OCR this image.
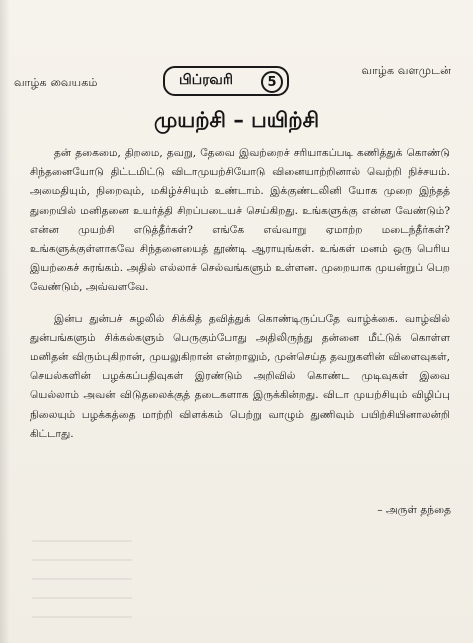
வாழ்க வையகம்
வாழ்க வளமுடன்
பிப்ரவரி	5
முயற்சி – பயிற்சி

தன் தகைமை, திறமை, தவறு, தேவை இவற்றைச் சரியாகப்படி கணித்துக் கொண்டு சிந்தனையோடு திட்டமிட்டு விடாமுயற்சியோடு வினையாற்றினால் வெற்றி நிச்சயம். அமைதியும், நிறைவும், மகிழ்ச்சியும் உண்டாம். இக்குண்டலினி யோக முறை இந்தத் துறையில் மனிதனை உயர்த்தி சிறப்படையச் செய்கிறது. உங்களுக்கு என்ன வேண்டும்? என்ன முயற்சி எடுத்தீர்கள்? எங்கே எவ்வாறு ஏமாற்ற மடைந்தீர்கள்? உங்களுக்குள்ளாகவே சிந்தனையைத் தூண்டி ஆராயுங்கள். உங்கள் மனம் ஒரு பெரிய இயற்கைச் சுரங்கம். அதில் எல்லாச் செல்வங்களும் உள்ளன. முறையாக முயன்றுப் பெற வேண்டும், அவ்வளவே.

இன்ப துன்பச் சுழலில் சிக்கித் தவித்துக் கொண்டிருப்பதே வாழ்க்கை. வாழ்வில் துன்பங்களும் சிக்கல்களும் பெருகும்போது அதிலிருந்து தன்னை மீட்டுக் கொள்ள மனிதன் விரும்புகிறான், முயலுகிறான் என்றாலும், முன்செய்த தவறுகளின் விளைவுகள், செயல்களின் பழக்கப்பதிவுகள் இரண்டும் அறிவில் கொண்ட முடிவுகள் இவை யெல்லாம் அவன் விடுதலைக்குத் தடைகளாக இருக்கின்றது. விடா முயற்சியும் விழிப்பு நிலையும் பழக்கத்தை மாற்றி விளக்கம் பெற்று வாழும் துணிவும் பயிற்சியினாலன்றி கிட்டாது.

– அருள் தந்தை
